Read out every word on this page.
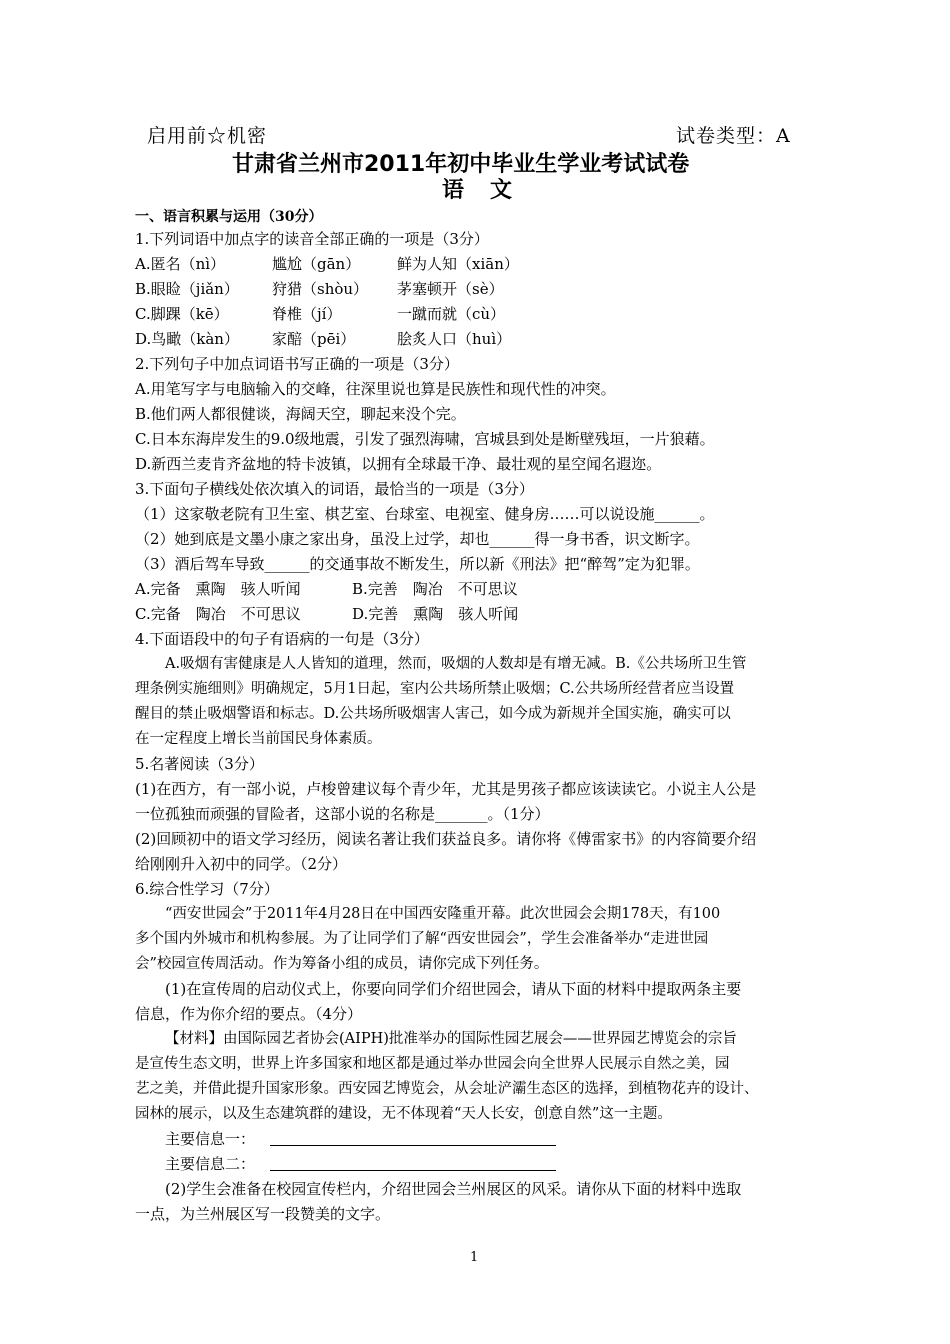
启用前☆机密	试卷类型：A
甘肃省兰州市2011年初中毕业生学业考试试卷
语文
一、语言积累与运用（30分）
1.下列词语中加点字的读音全部正确的一项是（3分）
A.匿名（nì）	尴尬（gān） 鲜为人知（xiān）
B.眼睑（jiǎn） 狩猎（shòu） 茅塞顿开（sè）
C.脚踝（kē）	脊椎（jí）	一蹴而就（cù）
D.鸟瞰（kàn） 家醅（pēi）	脍炙人口（huì）
2.下列句子中加点词语书写正确的一项是（3分）
A.用笔写字与电脑输入的交峰，往深里说也算是民族性和现代性的冲突。
B.他们两人都很健谈，海阔天空，聊起来没个完。
C.日本东海岸发生的9.0级地震，引发了强烈海啸，宫城县到处是断壁残垣，一片狼藉。
D.新西兰麦肯齐盆地的特卡波镇，以拥有全球最干净、最壮观的星空闻名遐迩。
3.下面句子横线处依次填入的词语，最恰当的一项是（3分）
（1）这家敬老院有卫生室、棋艺室、台球室、电视室、健身房……可以说设施______。
（2）她到底是文墨小康之家出身，虽没上过学，却也______得一身书香，识文断字。
（3）酒后驾车导致______的交通事故不断发生，所以新《刑法》把“醉驾”定为犯罪。
A.完备　熏陶　骇人听闻	B.完善　陶冶　不可思议
C.完备　陶冶　不可思议	D.完善　熏陶　骇人听闻
4.下面语段中的句子有语病的一句是（3分）
A.吸烟有害健康是人人皆知的道理，然而，吸烟的人数却是有增无减。B.《公共场所卫生管
理条例实施细则》明确规定，5月1日起，室内公共场所禁止吸烟；C.公共场所经营者应当设置
醒目的禁止吸烟警语和标志。D.公共场所吸烟害人害己，如今成为新规并全国实施，确实可以
在一定程度上增长当前国民身体素质。
5.名著阅读（3分）
(1)在西方，有一部小说，卢梭曾建议每个青少年，尤其是男孩子都应该读读它。小说主人公是
一位孤独而顽强的冒险者，这部小说的名称是_______。（1分）
(2)回顾初中的语文学习经历，阅读名著让我们获益良多。请你将《傅雷家书》的内容简要介绍
给刚刚升入初中的同学。（2分）
6.综合性学习（7分）
“西安世园会”于2011年4月28日在中国西安隆重开幕。此次世园会会期178天，有100
多个国内外城市和机构参展。为了让同学们了解“西安世园会”，学生会准备举办“走进世园
会”校园宣传周活动。作为筹备小组的成员，请你完成下列任务。
(1)在宣传周的启动仪式上，你要向同学们介绍世园会，请从下面的材料中提取两条主要
信息，作为你介绍的要点。（4分）
【材料】由国际园艺者协会(AIPH)批准举办的国际性园艺展会——世界园艺博览会的宗旨
是宣传生态文明，世界上许多国家和地区都是通过举办世园会向全世界人民展示自然之美，园
艺之美，并借此提升国家形象。西安园艺博览会，从会址浐灞生态区的选择，到植物花卉的设计、
园林的展示，以及生态建筑群的建设，无不体现着“天人长安，创意自然”这一主题。
主要信息一：
主要信息二：
(2)学生会准备在校园宣传栏内，介绍世园会兰州展区的风采。请你从下面的材料中选取
一点，为兰州展区写一段赞美的文字。
1
